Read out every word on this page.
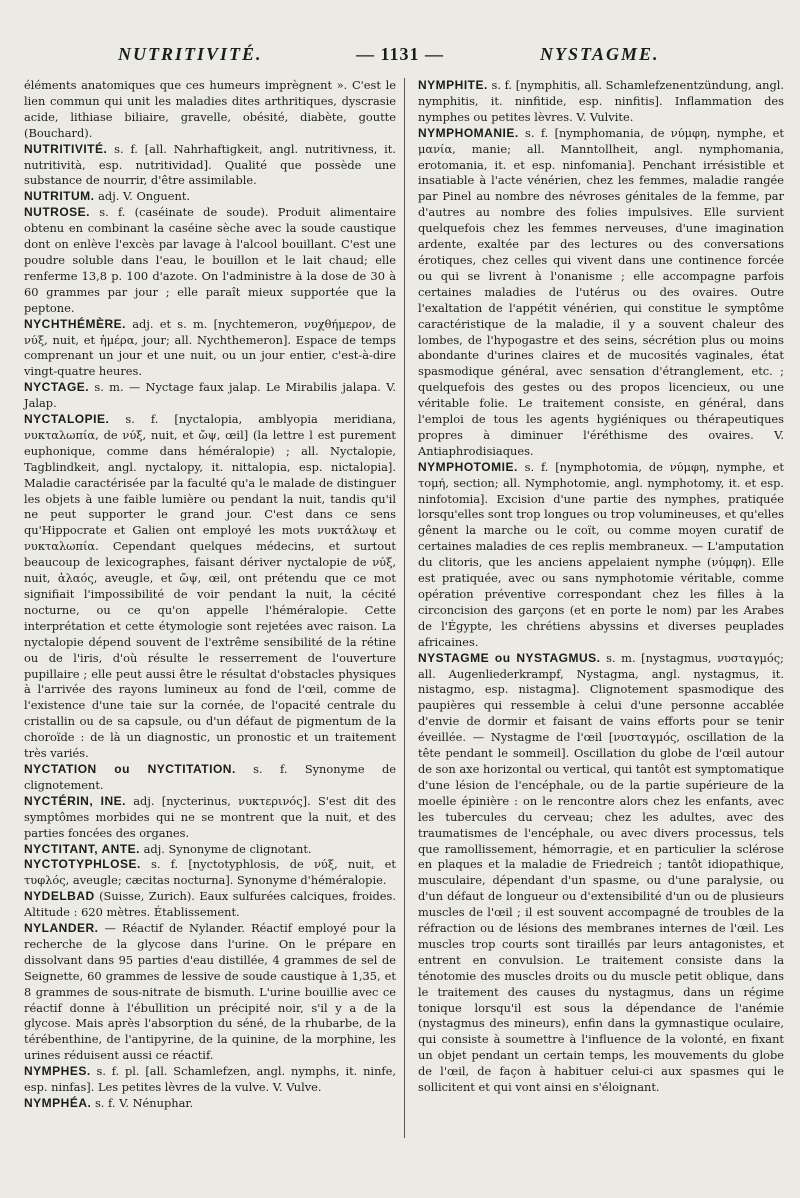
NUTRITIVITÉ.	— 1131 —	NYSTAGME.

éléments anatomiques que ces humeurs imprègnent ». C'est le lien commun qui unit les maladies dites arthritiques, dyscrasie acide, lithiase biliaire, gravelle, obésité, diabète, goutte (Bouchard).

NUTRITIVITÉ. s. f. [all. Nahrhaftigkeit, angl. nutritivness, it. nutritività, esp. nutritividad]. Qualité que possède une substance de nourrir, d'être assimilable.

NUTRITUM. adj. V. Onguent.

NUTROSE. s. f. (caséinate de soude). Produit alimentaire obtenu en combinant la caséine sèche avec la soude caustique dont on enlève l'excès par lavage à l'alcool bouillant. C'est une poudre soluble dans l'eau, le bouillon et le lait chaud; elle renferme 13,8 p. 100 d'azote. On l'administre à la dose de 30 à 60 grammes par jour ; elle paraît mieux supportée que la peptone.

NYCHTHÉMÈRE. adj. et s. m. [nychtemeron, νυχθήμερον, de νύξ, nuit, et ἡμέρα, jour; all. Nychthemeron]. Espace de temps comprenant un jour et une nuit, ou un jour entier, c'est-à-dire vingt-quatre heures.

NYCTAGE. s. m. — Nyctage faux jalap. Le Mirabilis jalapa. V. Jalap.

NYCTALOPIE. s. f. [nyctalopia, amblyopia meridiana, νυκταλωπία, de νύξ, nuit, et ὤψ, œil] (la lettre l est purement euphonique, comme dans héméralopie) ; all. Nyctalopie, Tagblindkeit, angl. nyctalopy, it. nittalopia, esp. nictalopia]. Maladie caractérisée par la faculté qu'a le malade de distinguer les objets à une faible lumière ou pendant la nuit, tandis qu'il ne peut supporter le grand jour. C'est dans ce sens qu'Hippocrate et Galien ont employé les mots νυκτάλωψ et νυκταλωπία. Cependant quelques médecins, et surtout beaucoup de lexicographes, faisant dériver nyctalopie de νύξ, nuit, ἀλαός, aveugle, et ὤψ, œil, ont prétendu que ce mot signifiait l'impossibilité de voir pendant la nuit, la cécité nocturne, ou ce qu'on appelle l'héméralopie. Cette interprétation et cette étymologie sont rejetées avec raison. La nyctalopie dépend souvent de l'extrême sensibilité de la rétine ou de l'iris, d'où résulte le resserrement de l'ouverture pupillaire ; elle peut aussi être le résultat d'obstacles physiques à l'arrivée des rayons lumineux au fond de l'œil, comme de l'existence d'une taie sur la cornée, de l'opacité centrale du cristallin ou de sa capsule, ou d'un défaut de pigmentum de la choroïde : de là un diagnostic, un pronostic et un traitement très variés.

NYCTATION ou NYCTITATION. s. f. Synonyme de clignotement.

NYCTÉRIN, INE. adj. [nycterinus, νυκτερινός]. S'est dit des symptômes morbides qui ne se montrent que la nuit, et des parties foncées des organes.

NYCTITANT, ANTE. adj. Synonyme de clignotant.

NYCTOTYPHLOSE. s. f. [nyctotyphlosis, de νύξ, nuit, et τυφλός, aveugle; cæcitas nocturna]. Synonyme d'héméralopie.

NYDELBAD (Suisse, Zurich). Eaux sulfurées calciques, froides. Altitude : 620 mètres. Établissement.

NYLANDER. — Réactif de Nylander. Réactif employé pour la recherche de la glycose dans l'urine. On le prépare en dissolvant dans 95 parties d'eau distillée, 4 grammes de sel de Seignette, 60 grammes de lessive de soude caustique à 1,35, et 8 grammes de sous-nitrate de bismuth. L'urine bouillie avec ce réactif donne à l'ébullition un précipité noir, s'il y a de la glycose. Mais après l'absorption du séné, de la rhubarbe, de la térébenthine, de l'antipyrine, de la quinine, de la morphine, les urines réduisent aussi ce réactif.

NYMPHES. s. f. pl. [all. Schamlefzen, angl. nymphs, it. ninfe, esp. ninfas]. Les petites lèvres de la vulve. V. Vulve.

NYMPHÉA. s. f. V. Nénuphar.

NYMPHITE. s. f. [nymphitis, all. Schamlefzenentzündung, angl. nymphitis, it. ninfitide, esp. ninfitis]. Inflammation des nymphes ou petites lèvres. V. Vulvite.

NYMPHOMANIE. s. f. [nymphomania, de νύμφη, nymphe, et μανία, manie; all. Manntollheit, angl. nymphomania, erotomania, it. et esp. ninfomania]. Penchant irrésistible et insatiable à l'acte vénérien, chez les femmes, maladie rangée par Pinel au nombre des névroses génitales de la femme, par d'autres au nombre des folies impulsives. Elle survient quelquefois chez les femmes nerveuses, d'une imagination ardente, exaltée par des lectures ou des conversations érotiques, chez celles qui vivent dans une continence forcée ou qui se livrent à l'onanisme ; elle accompagne parfois certaines maladies de l'utérus ou des ovaires. Outre l'exaltation de l'appétit vénérien, qui constitue le symptôme caractéristique de la maladie, il y a souvent chaleur des lombes, de l'hypogastre et des seins, sécrétion plus ou moins abondante d'urines claires et de mucosités vaginales, état spasmodique général, avec sensation d'étranglement, etc. ; quelquefois des gestes ou des propos licencieux, ou une véritable folie. Le traitement consiste, en général, dans l'emploi de tous les agents hygiéniques ou thérapeutiques propres à diminuer l'éréthisme des ovaires. V. Antiaphrodisiaques.

NYMPHOTOMIE. s. f. [nymphotomia, de νύμφη, nymphe, et τομή, section; all. Nymphotomie, angl. nymphotomy, it. et esp. ninfotomia]. Excision d'une partie des nymphes, pratiquée lorsqu'elles sont trop longues ou trop volumineuses, et qu'elles gênent la marche ou le coït, ou comme moyen curatif de certaines maladies de ces replis membraneux. — L'amputation du clitoris, que les anciens appelaient nymphe (νύμφη). Elle est pratiquée, avec ou sans nymphotomie véritable, comme opération préventive correspondant chez les filles à la circoncision des garçons (et en porte le nom) par les Arabes de l'Égypte, les chrétiens abyssins et diverses peuplades africaines.

NYSTAGME ou NYSTAGMUS. s. m. [nystagmus, νυσταγμός; all. Augenliederkrampf, Nystagma, angl. nystagmus, it. nistagmo, esp. nistagma]. Clignotement spasmodique des paupières qui ressemble à celui d'une personne accablée d'envie de dormir et faisant de vains efforts pour se tenir éveillée. — Nystagme de l'œil [νυσταγμός, oscillation de la tête pendant le sommeil]. Oscillation du globe de l'œil autour de son axe horizontal ou vertical, qui tantôt est symptomatique d'une lésion de l'encéphale, ou de la partie supérieure de la moelle épinière : on le rencontre alors chez les enfants, avec les tubercules du cerveau; chez les adultes, avec des traumatismes de l'encéphale, ou avec divers processus, tels que ramollissement, hémorragie, et en particulier la sclérose en plaques et la maladie de Friedreich ; tantôt idiopathique, musculaire, dépendant d'un spasme, ou d'une paralysie, ou d'un défaut de longueur ou d'extensibilité d'un ou de plusieurs muscles de l'œil ; il est souvent accompagné de troubles de la réfraction ou de lésions des membranes internes de l'œil. Les muscles trop courts sont tiraillés par leurs antagonistes, et entrent en convulsion. Le traitement consiste dans la ténotomie des muscles droits ou du muscle petit oblique, dans le traitement des causes du nystagmus, dans un régime tonique lorsqu'il est sous la dépendance de l'anémie (nystagmus des mineurs), enfin dans la gymnastique oculaire, qui consiste à soumettre à l'influence de la volonté, en fixant un objet pendant un certain temps, les mouvements du globe de l'œil, de façon à habituer celui-ci aux spasmes qui le sollicitent et qui vont ainsi en s'éloignant.
